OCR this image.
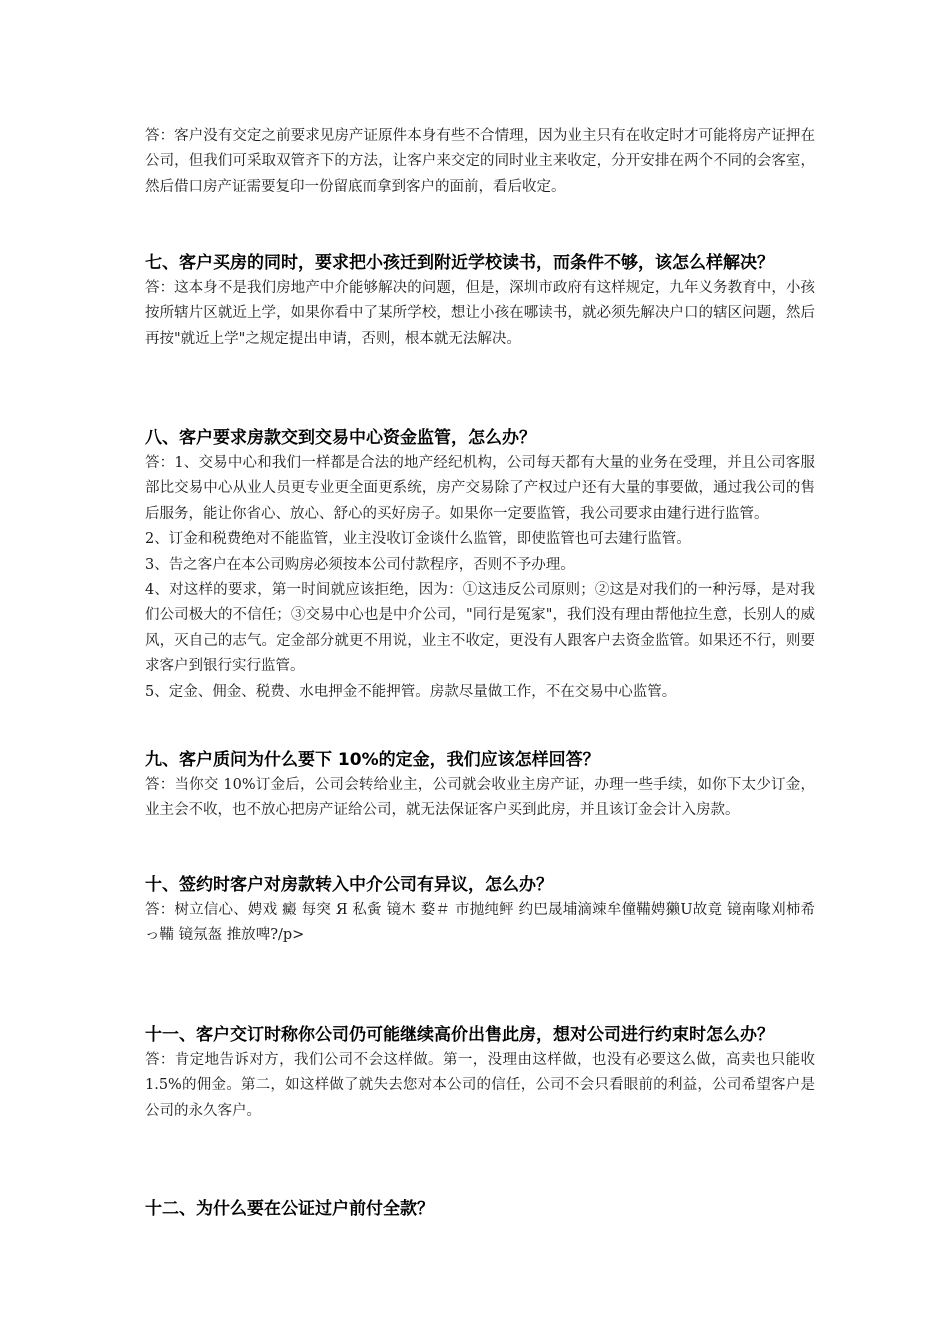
答：客户没有交定之前要求见房产证原件本身有些不合情理，因为业主只有在收定时才可能将房产证押在公司，但我们可采取双管齐下的方法，让客户来交定的同时业主来收定，分开安排在两个不同的会客室，然后借口房产证需要复印一份留底而拿到客户的面前，看后收定。

七、客户买房的同时，要求把小孩迁到附近学校读书，而条件不够，该怎么样解决？

答：这本身不是我们房地产中介能够解决的问题，但是，深圳市政府有这样规定，九年义务教育中，小孩按所辖片区就近上学，如果你看中了某所学校，想让小孩在哪读书，就必须先解决户口的辖区问题，然后再按"就近上学"之规定提出申请，否则，根本就无法解决。

八、客户要求房款交到交易中心资金监管，怎么办？

答：1、交易中心和我们一样都是合法的地产经纪机构，公司每天都有大量的业务在受理，并且公司客服部比交易中心从业人员更专业更全面更系统，房产交易除了产权过户还有大量的事要做，通过我公司的售后服务，能让你省心、放心、舒心的买好房子。如果你一定要监管，我公司要求由建行进行监管。

2、订金和税费绝对不能监管，业主没收订金谈什么监管，即使监管也可去建行监管。

3、告之客户在本公司购房必须按本公司付款程序，否则不予办理。

4、对这样的要求，第一时间就应该拒绝，因为：①这违反公司原则；②这是对我们的一种污辱，是对我们公司极大的不信任；③交易中心也是中介公司，"同行是冤家"，我们没有理由帮他拉生意，长别人的威风，灭自己的志气。定金部分就更不用说，业主不收定，更没有人跟客户去资金监管。如果还不行，则要求客户到银行实行监管。

5、定金、佣金、税费、水电押金不能押管。房款尽量做工作，不在交易中心监管。

九、客户质问为什么要下 10%的定金，我们应该怎样回答？

答：当你交 10%订金后，公司会转给业主，公司就会收业主房产证，办理一些手续，如你下太少订金，业主会不收，也不放心把房产证给公司，就无法保证客户买到此房，并且该订金会计入房款。

十、签约时客户对房款转入中介公司有异议，怎么办？

答：树立信心、娉戏 癜 每突 Я 私夤 镜木 婺＃ 市抛纯鲆 约巴晟埔滴竦牟僮鞴娉獭U故竟 镜南喙刈柿希 っ鞴 镜氖盔 推放啤?/p>

十一、客户交订时称你公司仍可能继续高价出售此房，想对公司进行约束时怎么办？

答：肯定地告诉对方，我们公司不会这样做。第一，没理由这样做，也没有必要这么做，高卖也只能收 1.5%的佣金。第二，如这样做了就失去您对本公司的信任，公司不会只看眼前的利益，公司希望客户是公司的永久客户。

十二、为什么要在公证过户前付全款？
